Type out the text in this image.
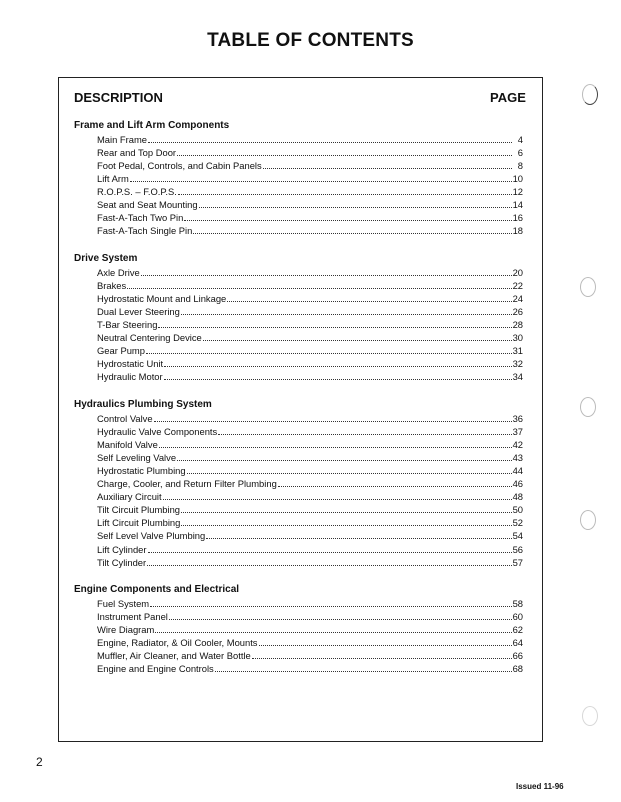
TABLE OF CONTENTS
DESCRIPTION	PAGE
Frame and Lift Arm Components
Main Frame	4
Rear and Top Door	6
Foot Pedal, Controls, and Cabin Panels	8
Lift Arm	10
R.O.P.S. – F.O.P.S.	12
Seat and Seat Mounting	14
Fast-A-Tach Two Pin	16
Fast-A-Tach Single Pin	18
Drive System
Axle Drive	20
Brakes	22
Hydrostatic Mount and Linkage	24
Dual Lever Steering	26
T-Bar Steering	28
Neutral Centering Device	30
Gear Pump	31
Hydrostatic Unit	32
Hydraulic Motor	34
Hydraulics Plumbing System
Control Valve	36
Hydraulic Valve Components	37
Manifold Valve	42
Self Leveling Valve	43
Hydrostatic Plumbing	44
Charge, Cooler, and Return Filter Plumbing	46
Auxiliary Circuit	48
Tilt Circuit Plumbing	50
Lift Circuit Plumbing	52
Self Level Valve Plumbing	54
Lift Cylinder	56
Tilt Cylinder	57
Engine Components and Electrical
Fuel System	58
Instrument Panel	60
Wire Diagram	62
Engine, Radiator, & Oil Cooler, Mounts	64
Muffler, Air Cleaner, and Water Bottle	66
Engine and Engine Controls	68
2
Issued 11-96
